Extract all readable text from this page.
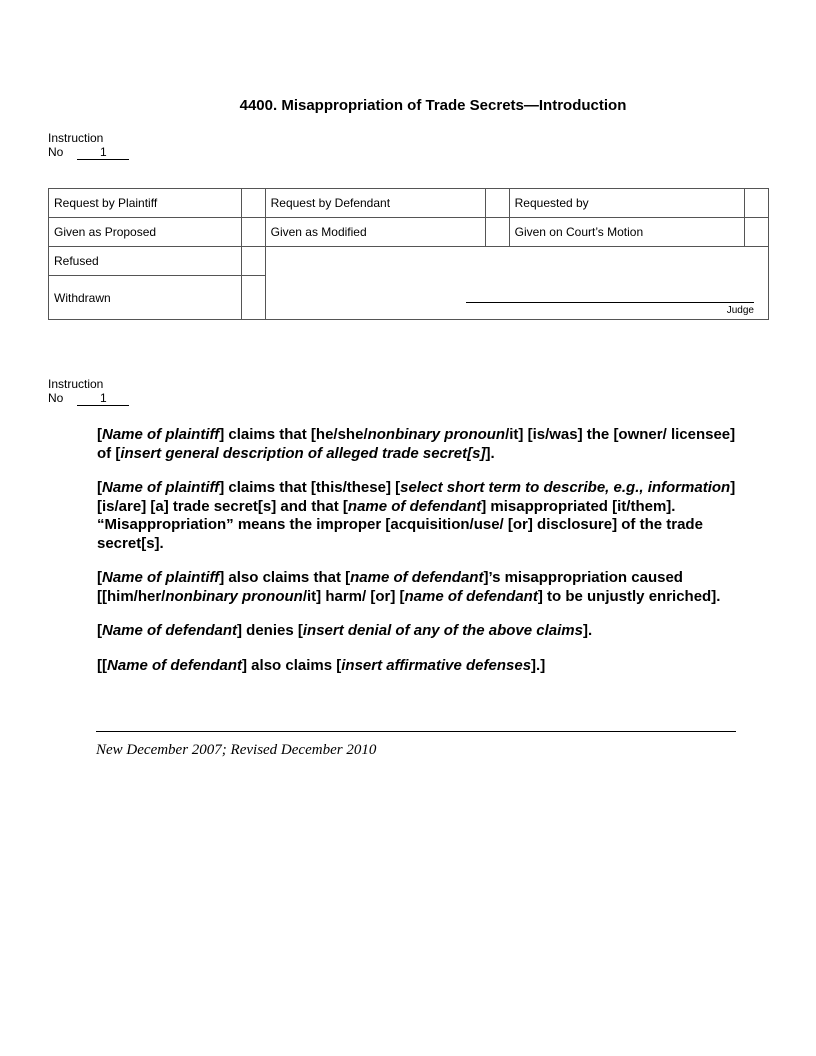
4400. Misappropriation of Trade Secrets—Introduction
Instruction
No	1
Request by Plaintiff		Request by Defendant		Requested by	
Given as Proposed		Given as Modified		Given on Court’s Motion	
Refused		Judge			

Withdrawn					
Instruction
No	1

[Name of plaintiff] claims that [he/she/nonbinary pronoun/it] [is/was] the [owner/ licensee] of [insert general description of alleged trade secret[s]].

[Name of plaintiff] claims that [this/these] [select short term to describe, e.g., information] [is/are] [a] trade secret[s] and that [name of defendant] misappropriated [it/them]. “Misappropriation” means the improper [acquisition/use/ [or] disclosure] of the trade secret[s].

[Name of plaintiff] also claims that [name of defendant]’s misappropriation caused [[him/her/nonbinary pronoun/it] harm/ [or] [name of defendant] to be unjustly enriched].

[Name of defendant] denies [insert denial of any of the above claims].

[[Name of defendant] also claims [insert affirmative defenses].]

New December 2007; Revised December 2010
